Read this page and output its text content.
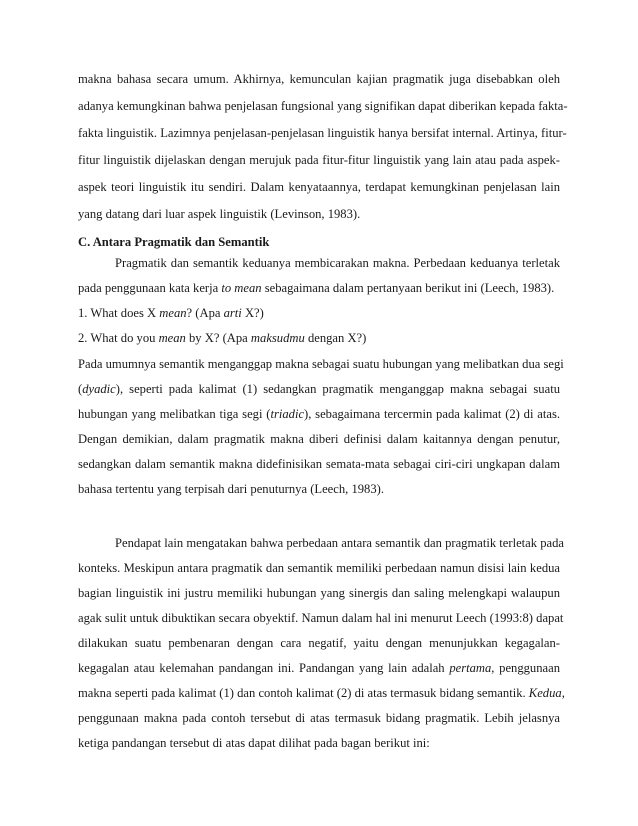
makna bahasa secara umum. Akhirnya, kemunculan kajian pragmatik juga disebabkan oleh
adanya kemungkinan bahwa penjelasan fungsional yang signifikan dapat diberikan kepada fakta-
fakta linguistik. Lazimnya penjelasan-penjelasan linguistik hanya bersifat internal. Artinya, fitur-
fitur linguistik dijelaskan dengan merujuk pada fitur-fitur linguistik yang lain atau pada aspek-
aspek teori linguistik itu sendiri. Dalam kenyataannya, terdapat kemungkinan penjelasan lain
yang datang dari luar aspek linguistik (Levinson, 1983).
C. Antara Pragmatik dan Semantik
Pragmatik dan semantik keduanya membicarakan makna. Perbedaan keduanya terletak
pada penggunaan kata kerja to mean sebagaimana dalam pertanyaan berikut ini (Leech, 1983).
1. What does X mean? (Apa arti X?)
2. What do you mean by X? (Apa maksudmu dengan X?)
Pada umumnya semantik menganggap makna sebagai suatu hubungan yang melibatkan dua segi
(dyadic), seperti pada kalimat (1) sedangkan pragmatik menganggap makna sebagai suatu
hubungan yang melibatkan tiga segi (triadic), sebagaimana tercermin pada kalimat (2) di atas.
Dengan demikian, dalam pragmatik makna diberi definisi dalam kaitannya dengan penutur,
sedangkan dalam semantik makna didefinisikan semata-mata sebagai ciri-ciri ungkapan dalam
bahasa tertentu yang terpisah dari penuturnya (Leech, 1983).
Pendapat lain mengatakan bahwa perbedaan antara semantik dan pragmatik terletak pada
konteks. Meskipun antara pragmatik dan semantik memiliki perbedaan namun disisi lain kedua
bagian linguistik ini justru memiliki hubungan yang sinergis dan saling melengkapi walaupun
agak sulit untuk dibuktikan secara obyektif. Namun dalam hal ini menurut Leech (1993:8) dapat
dilakukan suatu pembenaran dengan cara negatif, yaitu dengan menunjukkan kegagalan-
kegagalan atau kelemahan pandangan ini. Pandangan yang lain adalah pertama, penggunaan
makna seperti pada kalimat (1) dan contoh kalimat (2) di atas termasuk bidang semantik. Kedua,
penggunaan makna pada contoh tersebut di atas termasuk bidang pragmatik. Lebih jelasnya
ketiga pandangan tersebut di atas dapat dilihat pada bagan berikut ini:
